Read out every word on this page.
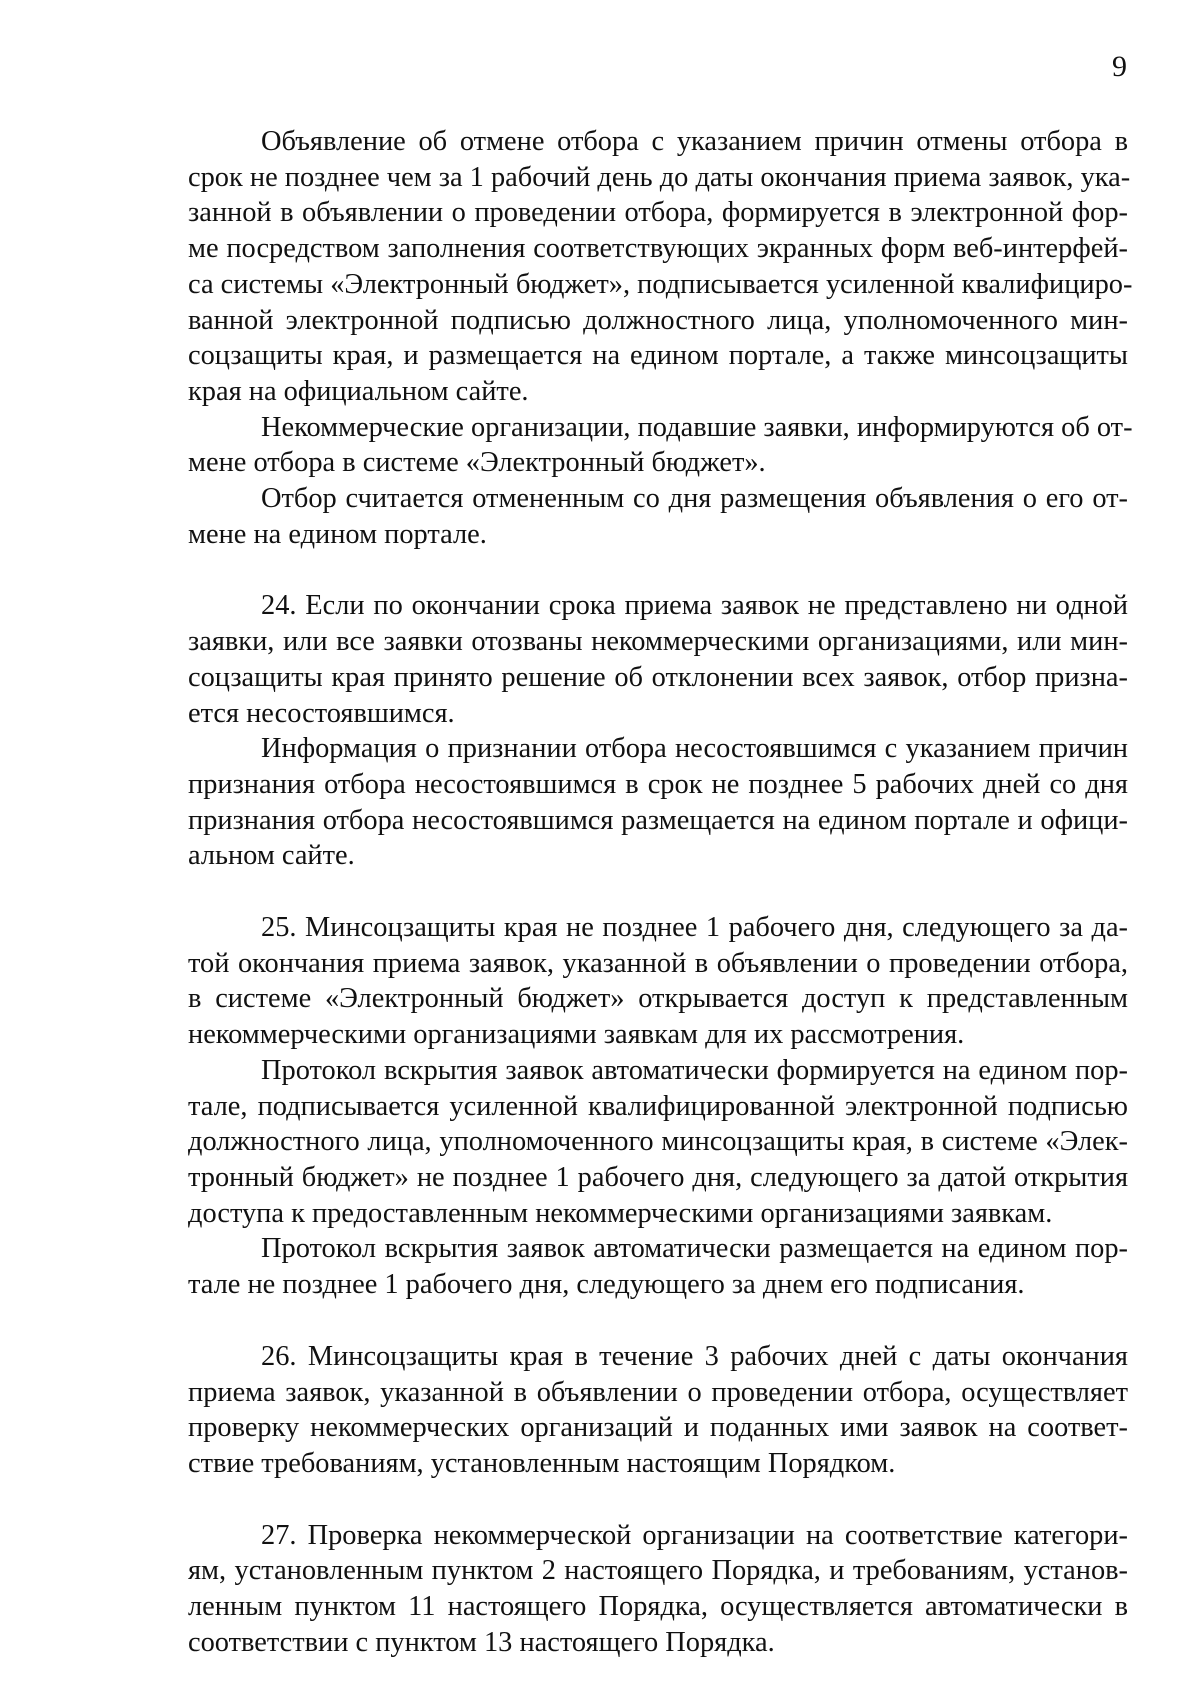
9

Объявление об отмене отбора с указанием причин отмены отбора в
срок не позднее чем за 1 рабочий день до даты окончания приема заявок, ука-
занной в объявлении о проведении отбора, формируется в электронной фор-
ме посредством заполнения соответствующих экранных форм веб-интерфей-
са системы «Электронный бюджет», подписывается усиленной квалифициро-
ванной электронной подписью должностного лица, уполномоченного мин-
соцзащиты края, и размещается на едином портале, а также минсоцзащиты
края на официальном сайте.

Некоммерческие организации, подавшие заявки, информируются об от-
мене отбора в системе «Электронный бюджет».

Отбор считается отмененным со дня размещения объявления о его от-
мене на едином портале.

24. Если по окончании срока приема заявок не представлено ни одной
заявки, или все заявки отозваны некоммерческими организациями, или мин-
соцзащиты края принято решение об отклонении всех заявок, отбор призна-
ется несостоявшимся.

Информация о признании отбора несостоявшимся с указанием причин
признания отбора несостоявшимся в срок не позднее 5 рабочих дней со дня
признания отбора несостоявшимся размещается на едином портале и офици-
альном сайте.

25. Минсоцзащиты края не позднее 1 рабочего дня, следующего за да-
той окончания приема заявок, указанной в объявлении о проведении отбора,
в системе «Электронный бюджет» открывается доступ к представленным
некоммерческими организациями заявкам для их рассмотрения.

Протокол вскрытия заявок автоматически формируется на едином пор-
тале, подписывается усиленной квалифицированной электронной подписью
должностного лица, уполномоченного минсоцзащиты края, в системе «Элек-
тронный бюджет» не позднее 1 рабочего дня, следующего за датой открытия
доступа к предоставленным некоммерческими организациями заявкам.

Протокол вскрытия заявок автоматически размещается на едином пор-
тале не позднее 1 рабочего дня, следующего за днем его подписания.

26. Минсоцзащиты края в течение 3 рабочих дней с даты окончания
приема заявок, указанной в объявлении о проведении отбора, осуществляет
проверку некоммерческих организаций и поданных ими заявок на соответ-
ствие требованиям, установленным настоящим Порядком.

27. Проверка некоммерческой организации на соответствие категори-
ям, установленным пунктом 2 настоящего Порядка, и требованиям, установ-
ленным пунктом 11 настоящего Порядка, осуществляется автоматически в
соответствии с пунктом 13 настоящего Порядка.
